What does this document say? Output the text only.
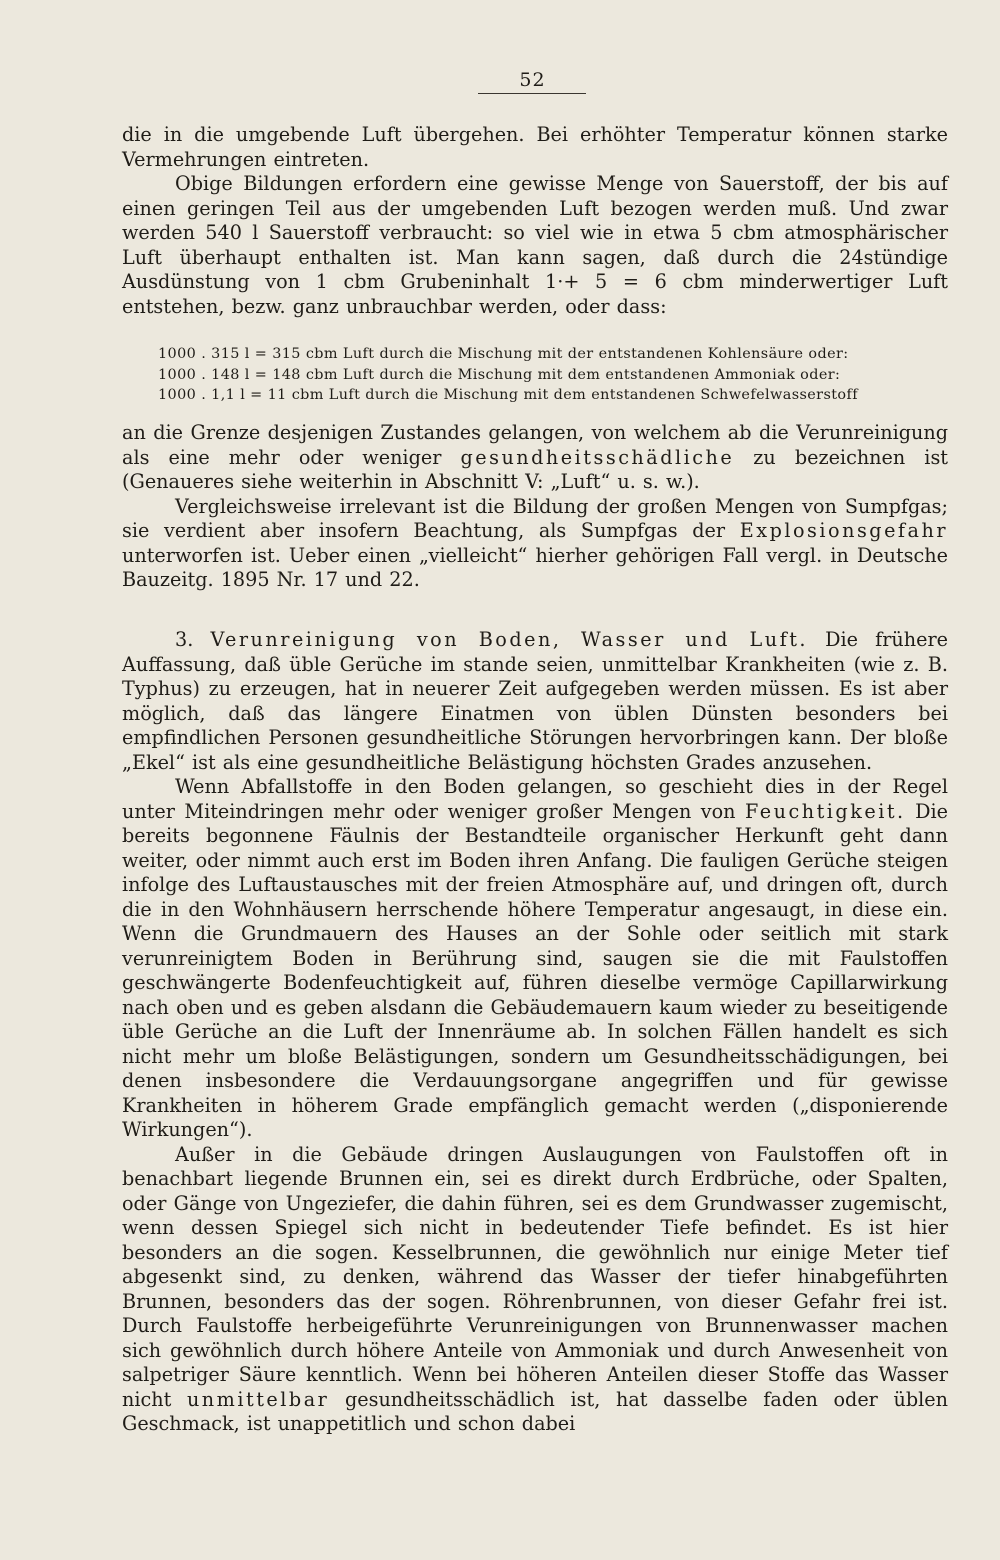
52

die in die umgebende Luft übergehen. Bei erhöhter Temperatur können starke Vermehrungen eintreten.

Obige Bildungen erfordern eine gewisse Menge von Sauerstoff, der bis auf einen geringen Teil aus der umgebenden Luft bezogen werden muß. Und zwar werden 540 l Sauerstoff verbraucht: so viel wie in etwa 5 cbm atmosphärischer Luft überhaupt enthalten ist. Man kann sagen, daß durch die 24stündige Ausdünstung von 1 cbm Grubeninhalt 1·+ 5 = 6 cbm minderwertiger Luft entstehen, bezw. ganz unbrauchbar werden, oder dass:

1000 . 315 l = 315 cbm Luft durch die Mischung mit der entstandenen Kohlensäure oder:
1000 . 148 l = 148 cbm Luft durch die Mischung mit dem entstandenen Ammoniak oder:
1000 . 1,1 l = 11 cbm Luft durch die Mischung mit dem entstandenen Schwefelwasserstoff

an die Grenze desjenigen Zustandes gelangen, von welchem ab die Verunreinigung als eine mehr oder weniger gesundheitsschädliche zu bezeichnen ist (Genaueres siehe weiterhin in Abschnitt V: „Luft“ u. s. w.).

Vergleichsweise irrelevant ist die Bildung der großen Mengen von Sumpfgas; sie verdient aber insofern Beachtung, als Sumpfgas der Explosionsgefahr unterworfen ist. Ueber einen „vielleicht“ hierher gehörigen Fall vergl. in Deutsche Bauzeitg. 1895 Nr. 17 und 22.

3. Verunreinigung von Boden, Wasser und Luft. Die frühere Auffassung, daß üble Gerüche im stande seien, unmittelbar Krankheiten (wie z. B. Typhus) zu erzeugen, hat in neuerer Zeit aufgegeben werden müssen. Es ist aber möglich, daß das längere Einatmen von üblen Dünsten besonders bei empfindlichen Personen gesundheitliche Störungen hervorbringen kann. Der bloße „Ekel“ ist als eine gesundheitliche Belästigung höchsten Grades anzusehen.

Wenn Abfallstoffe in den Boden gelangen, so geschieht dies in der Regel unter Miteindringen mehr oder weniger großer Mengen von Feuchtigkeit. Die bereits begonnene Fäulnis der Bestandteile organischer Herkunft geht dann weiter, oder nimmt auch erst im Boden ihren Anfang. Die fauligen Gerüche steigen infolge des Luftaustausches mit der freien Atmosphäre auf, und dringen oft, durch die in den Wohnhäusern herrschende höhere Temperatur angesaugt, in diese ein. Wenn die Grundmauern des Hauses an der Sohle oder seitlich mit stark verunreinigtem Boden in Berührung sind, saugen sie die mit Faulstoffen geschwängerte Bodenfeuchtigkeit auf, führen dieselbe vermöge Capillarwirkung nach oben und es geben alsdann die Gebäudemauern kaum wieder zu beseitigende üble Gerüche an die Luft der Innenräume ab. In solchen Fällen handelt es sich nicht mehr um bloße Belästigungen, sondern um Gesundheitsschädigungen, bei denen insbesondere die Verdauungsorgane angegriffen und für gewisse Krankheiten in höherem Grade empfänglich gemacht werden („disponierende Wirkungen“).

Außer in die Gebäude dringen Auslaugungen von Faulstoffen oft in benachbart liegende Brunnen ein, sei es direkt durch Erdbrüche, oder Spalten, oder Gänge von Ungeziefer, die dahin führen, sei es dem Grundwasser zugemischt, wenn dessen Spiegel sich nicht in bedeutender Tiefe befindet. Es ist hier besonders an die sogen. Kesselbrunnen, die gewöhnlich nur einige Meter tief abgesenkt sind, zu denken, während das Wasser der tiefer hinabgeführten Brunnen, besonders das der sogen. Röhrenbrunnen, von dieser Gefahr frei ist. Durch Faulstoffe herbeigeführte Verunreinigungen von Brunnenwasser machen sich gewöhnlich durch höhere Anteile von Ammoniak und durch Anwesenheit von salpetriger Säure kenntlich. Wenn bei höheren Anteilen dieser Stoffe das Wasser nicht unmittelbar gesundheitsschädlich ist, hat dasselbe faden oder üblen Geschmack, ist unappetitlich und schon dabei
